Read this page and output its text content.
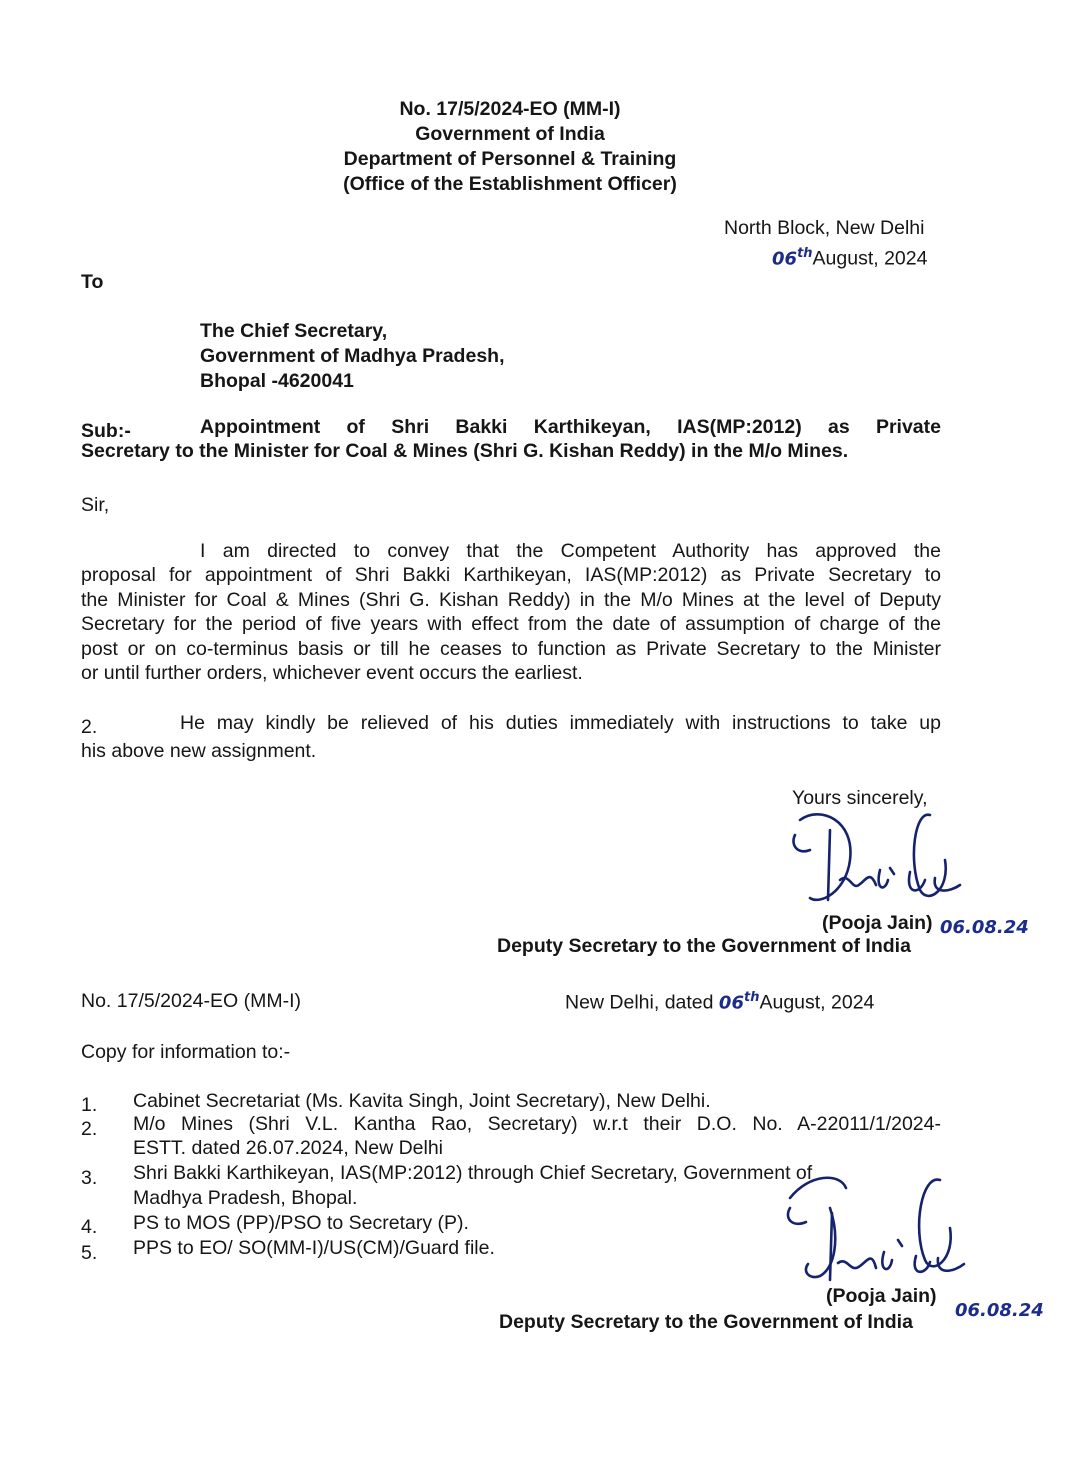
No. 17/5/2024-EO (MM-I)
Government of India
Department of Personnel & Training
(Office of the Establishment Officer)
North Block, New Delhi
06thAugust, 2024
To
The Chief Secretary,
Government of Madhya Pradesh,
Bhopal -4620041
Sub:-	Appointment of Shri Bakki Karthikeyan, IAS(MP:2012) as Private
Secretary to the Minister for Coal & Mines (Shri G. Kishan Reddy) in the M/o Mines.
Sir,
I am directed to convey that the Competent Authority has approved the
proposal for appointment of Shri Bakki Karthikeyan, IAS(MP:2012) as Private Secretary to
the Minister for Coal & Mines (Shri G. Kishan Reddy) in the M/o Mines at the level of Deputy
Secretary for the period of five years with effect from the date of assumption of charge of the
post or on co-terminus basis or till he ceases to function as Private Secretary to the Minister
or until further orders, whichever event occurs the earliest.
2.	He may kindly be relieved of his duties immediately with instructions to take up
his above new assignment.
Yours sincerely,
(Pooja Jain) 06.08.24
Deputy Secretary to the Government of India
No. 17/5/2024-EO (MM-I)	New Delhi, dated 06thAugust, 2024
Copy for information to:-
1. Cabinet Secretariat (Ms. Kavita Singh, Joint Secretary), New Delhi.
2. M/o Mines (Shri V.L. Kantha Rao, Secretary) w.r.t their D.O. No. A-22011/1/2024-
ESTT. dated 26.07.2024, New Delhi
3. Shri Bakki Karthikeyan, IAS(MP:2012) through Chief Secretary, Government of
Madhya Pradesh, Bhopal.
4. PS to MOS (PP)/PSO to Secretary (P).
5. PPS to EO/ SO(MM-I)/US(CM)/Guard file.
(Pooja Jain)
06.08.24
Deputy Secretary to the Government of India
